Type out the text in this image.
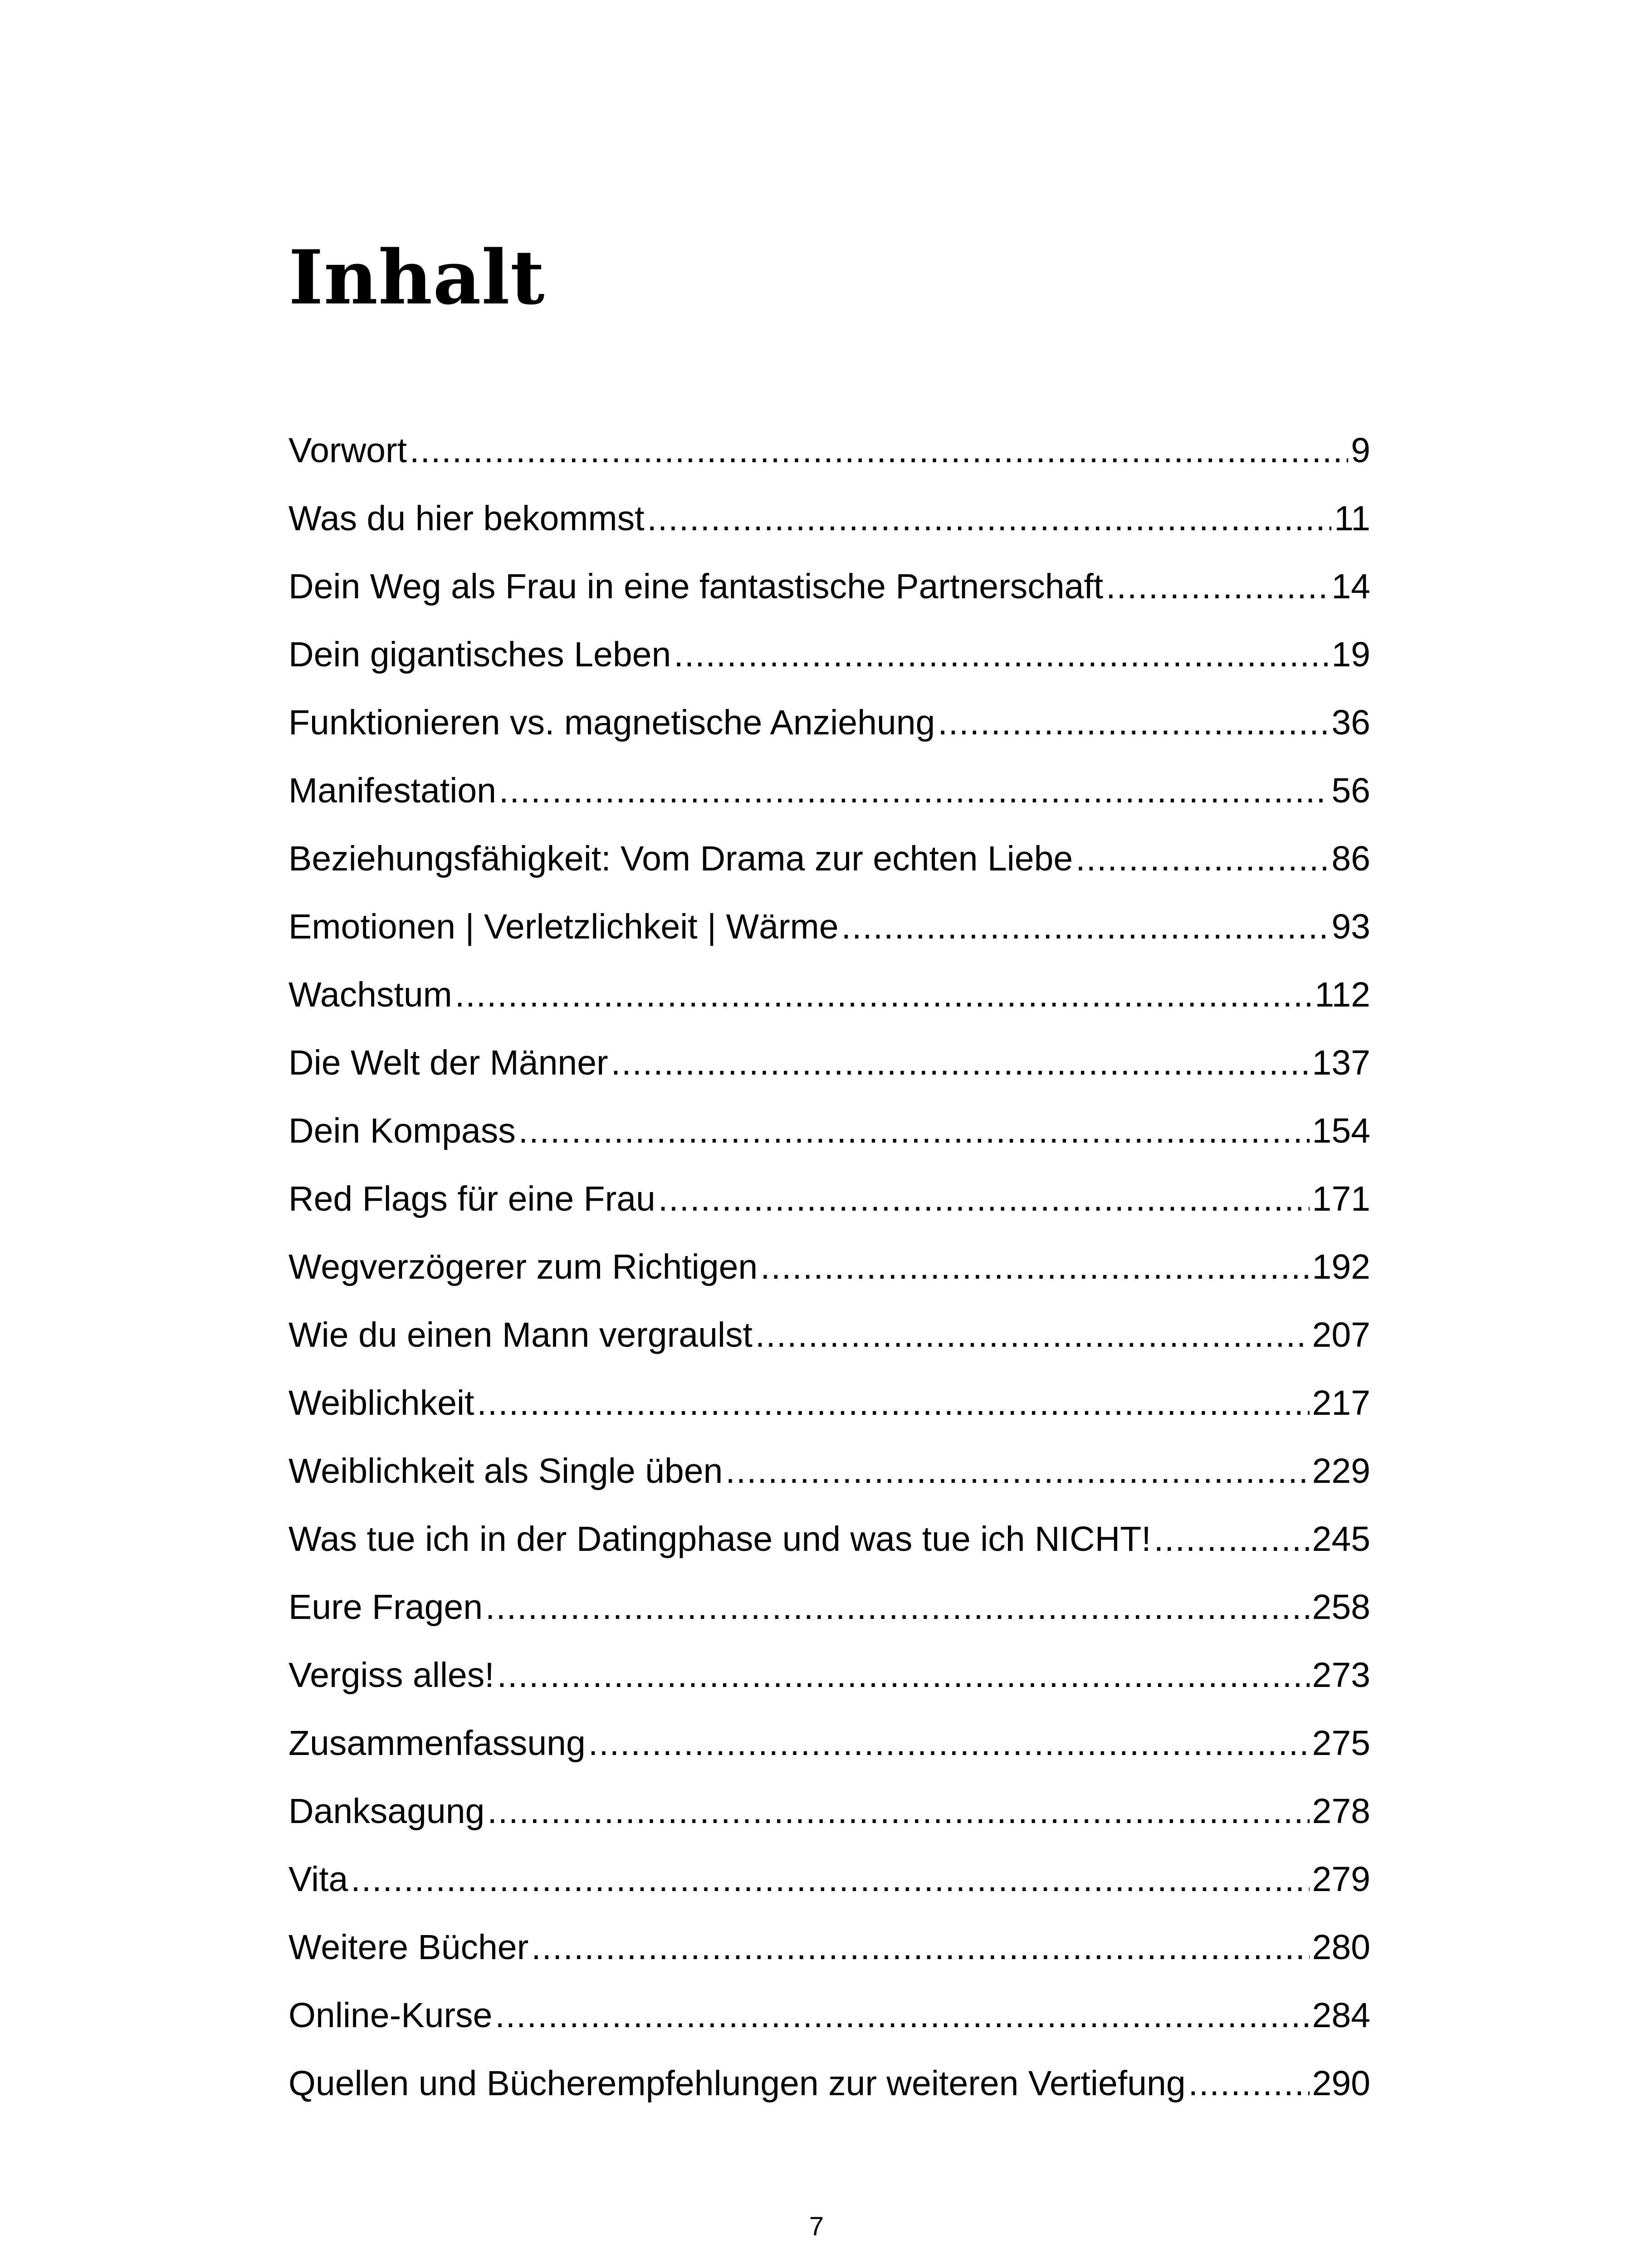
Inhalt
Vorwort .....	9
Was du hier bekommst .....	11
Dein Weg als Frau in eine fantastische Partnerschaft .....	14
Dein gigantisches Leben .....	19
Funktionieren vs. magnetische Anziehung .....	36
Manifestation .....	56
Beziehungsfähigkeit: Vom Drama zur echten Liebe .....	86
Emotionen | Verletzlichkeit | Wärme .....	93
Wachstum .....	112
Die Welt der Männer .....	137
Dein Kompass .....	154
Red Flags für eine Frau .....	171
Wegverzögerer zum Richtigen .....	192
Wie du einen Mann vergraulst .....	207
Weiblichkeit .....	217
Weiblichkeit als Single üben .....	229
Was tue ich in der Datingphase und was tue ich NICHT! .....	245
Eure Fragen .....	258
Vergiss alles! .....	273
Zusammenfassung .....	275
Danksagung .....	278
Vita .....	279
Weitere Bücher .....	280
Online-Kurse .....	284
Quellen und Bücherempfehlungen zur weiteren Vertiefung .....	290
7
